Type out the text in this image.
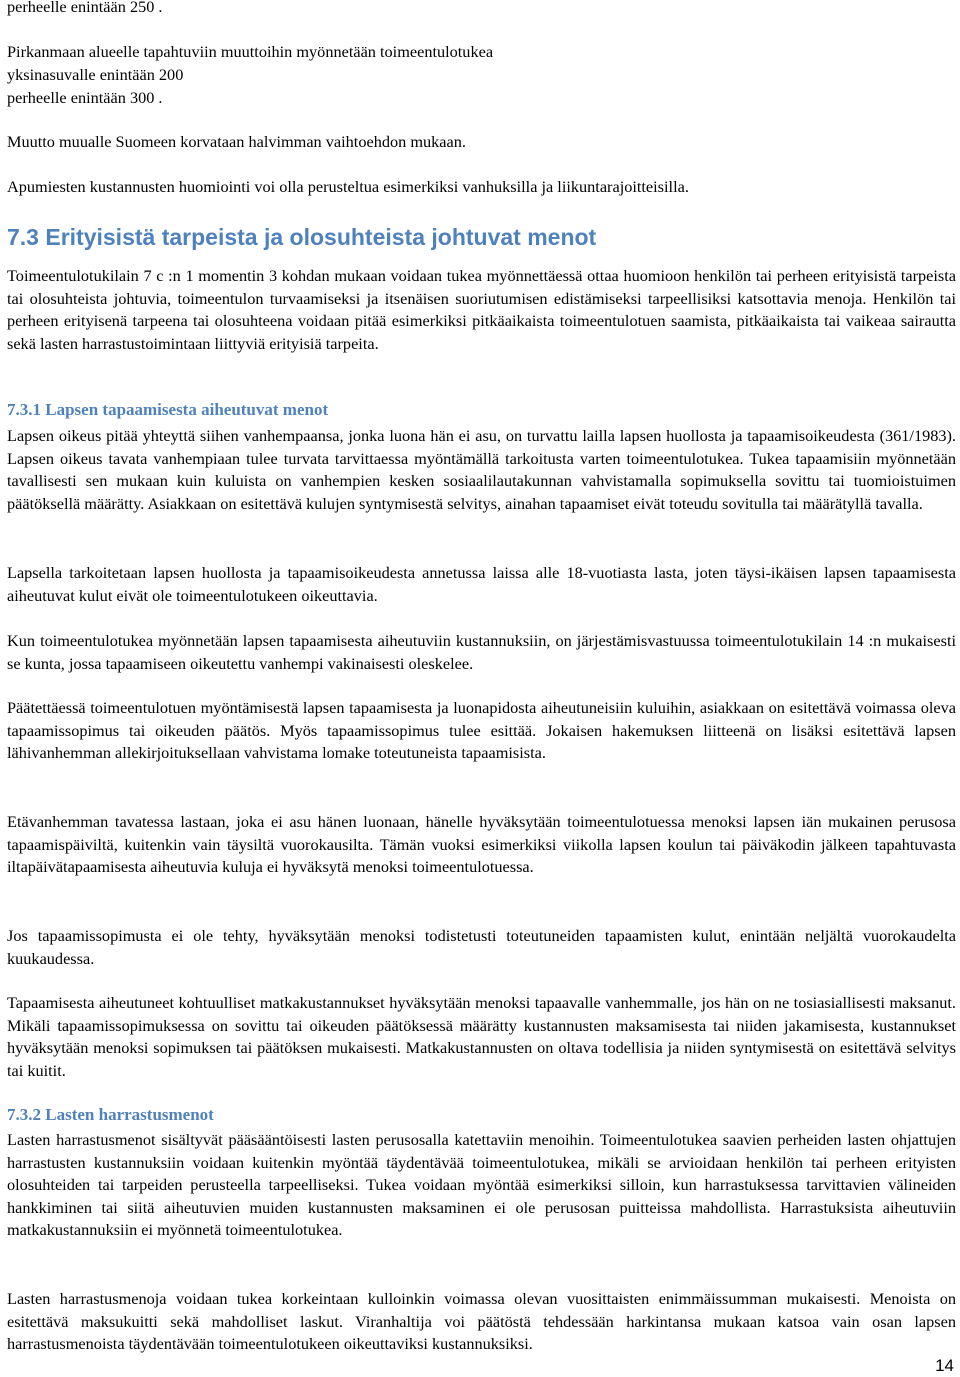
perheelle enintään 250 .

Pirkanmaan alueelle tapahtuviin muuttoihin myönnetään toimeentulotukea

yksinasuvalle enintään 200

perheelle enintään 300 .

Muutto muualle Suomeen korvataan halvimman vaihtoehdon mukaan.

Apumiesten kustannusten huomiointi voi olla perusteltua esimerkiksi vanhuksilla ja liikuntarajoitteisilla.

7.3 Erityisistä tarpeista ja olosuhteista johtuvat menot

Toimeentulotukilain 7 c :n 1 momentin 3 kohdan mukaan voidaan tukea myönnettäessä ottaa huomioon henkilön tai perheen erityisistä tarpeista tai olosuhteista johtuvia, toimeentulon turvaamiseksi ja itsenäisen suoriutumisen edistämiseksi tarpeellisiksi katsottavia menoja. Henkilön tai perheen erityisenä tarpeena tai olosuhteena voidaan pitää esimerkiksi pitkäaikaista toimeentulotuen saamista, pitkäaikaista tai vaikeaa sairautta sekä lasten harrastustoimintaan liittyviä erityisiä tarpeita.

7.3.1 Lapsen tapaamisesta aiheutuvat menot

Lapsen oikeus pitää yhteyttä siihen vanhempaansa, jonka luona hän ei asu, on turvattu lailla lapsen huollosta ja tapaamisoikeudesta (361/1983). Lapsen oikeus tavata vanhempiaan tulee turvata tarvittaessa myöntämällä tarkoitusta varten toimeentulotukea. Tukea tapaamisiin myönnetään tavallisesti sen mukaan kuin kuluista on vanhempien kesken sosiaalilautakunnan vahvistamalla sopimuksella sovittu tai tuomioistuimen päätöksellä määrätty. Asiakkaan on esitettävä kulujen syntymisestä selvitys, ainahan tapaamiset eivät toteudu sovitulla tai määrätyllä tavalla.

Lapsella tarkoitetaan lapsen huollosta ja tapaamisoikeudesta annetussa laissa alle 18-vuotiasta lasta, joten täysi-ikäisen lapsen tapaamisesta aiheutuvat kulut eivät ole toimeentulotukeen oikeuttavia.

Kun toimeentulotukea myönnetään lapsen tapaamisesta aiheutuviin kustannuksiin, on järjestämisvastuussa toimeentulotukilain 14 :n mukaisesti se kunta, jossa tapaamiseen oikeutettu vanhempi vakinaisesti oleskelee.

Päätettäessä toimeentulotuen myöntämisestä lapsen tapaamisesta ja luonapidosta aiheutuneisiin kuluihin, asiakkaan on esitettävä voimassa oleva tapaamissopimus tai oikeuden päätös. Myös tapaamissopimus tulee esittää. Jokaisen hakemuksen liitteenä on lisäksi esitettävä lapsen lähivanhemman allekirjoituksellaan vahvistama lomake toteutuneista tapaamisista.

Etävanhemman tavatessa lastaan, joka ei asu hänen luonaan, hänelle hyväksytään toimeentulotuessa menoksi lapsen iän mukainen perusosa tapaamispäiviltä, kuitenkin vain täysiltä vuorokausilta. Tämän vuoksi esimerkiksi viikolla lapsen koulun tai päiväkodin jälkeen tapahtuvasta iltapäivätapaamisesta aiheutuvia kuluja ei hyväksytä menoksi toimeentulotuessa.

Jos tapaamissopimusta ei ole tehty, hyväksytään menoksi todistetusti toteutuneiden tapaamisten kulut, enintään neljältä vuorokaudelta kuukaudessa.

Tapaamisesta aiheutuneet kohtuulliset matkakustannukset hyväksytään menoksi tapaavalle vanhemmalle, jos hän on ne tosiasiallisesti maksanut. Mikäli tapaamissopimuksessa on sovittu tai oikeuden päätöksessä määrätty kustannusten maksamisesta tai niiden jakamisesta, kustannukset hyväksytään menoksi sopimuksen tai päätöksen mukaisesti. Matkakustannusten on oltava todellisia ja niiden syntymisestä on esitettävä selvitys tai kuitit.

7.3.2 Lasten harrastusmenot

Lasten harrastusmenot sisältyvät pääsääntöisesti lasten perusosalla katettaviin menoihin. Toimeentulotukea saavien perheiden lasten ohjattujen harrastusten kustannuksiin voidaan kuitenkin myöntää täydentävää toimeentulotukea, mikäli se arvioidaan henkilön tai perheen erityisten olosuhteiden tai tarpeiden perusteella tarpeelliseksi. Tukea voidaan myöntää esimerkiksi silloin, kun harrastuksessa tarvittavien välineiden hankkiminen tai siitä aiheutuvien muiden kustannusten maksaminen ei ole perusosan puitteissa mahdollista. Harrastuksista aiheutuviin matkakustannuksiin ei myönnetä toimeentulotukea.

Lasten harrastusmenoja voidaan tukea korkeintaan kulloinkin voimassa olevan vuosittaisten enimmäissumman mukaisesti. Menoista on esitettävä maksukuitti sekä mahdolliset laskut. Viranhaltija voi päätöstä tehdessään harkintansa mukaan katsoa vain osan lapsen harrastusmenoista täydentävään toimeentulotukeen oikeuttaviksi kustannuksiksi.

14
